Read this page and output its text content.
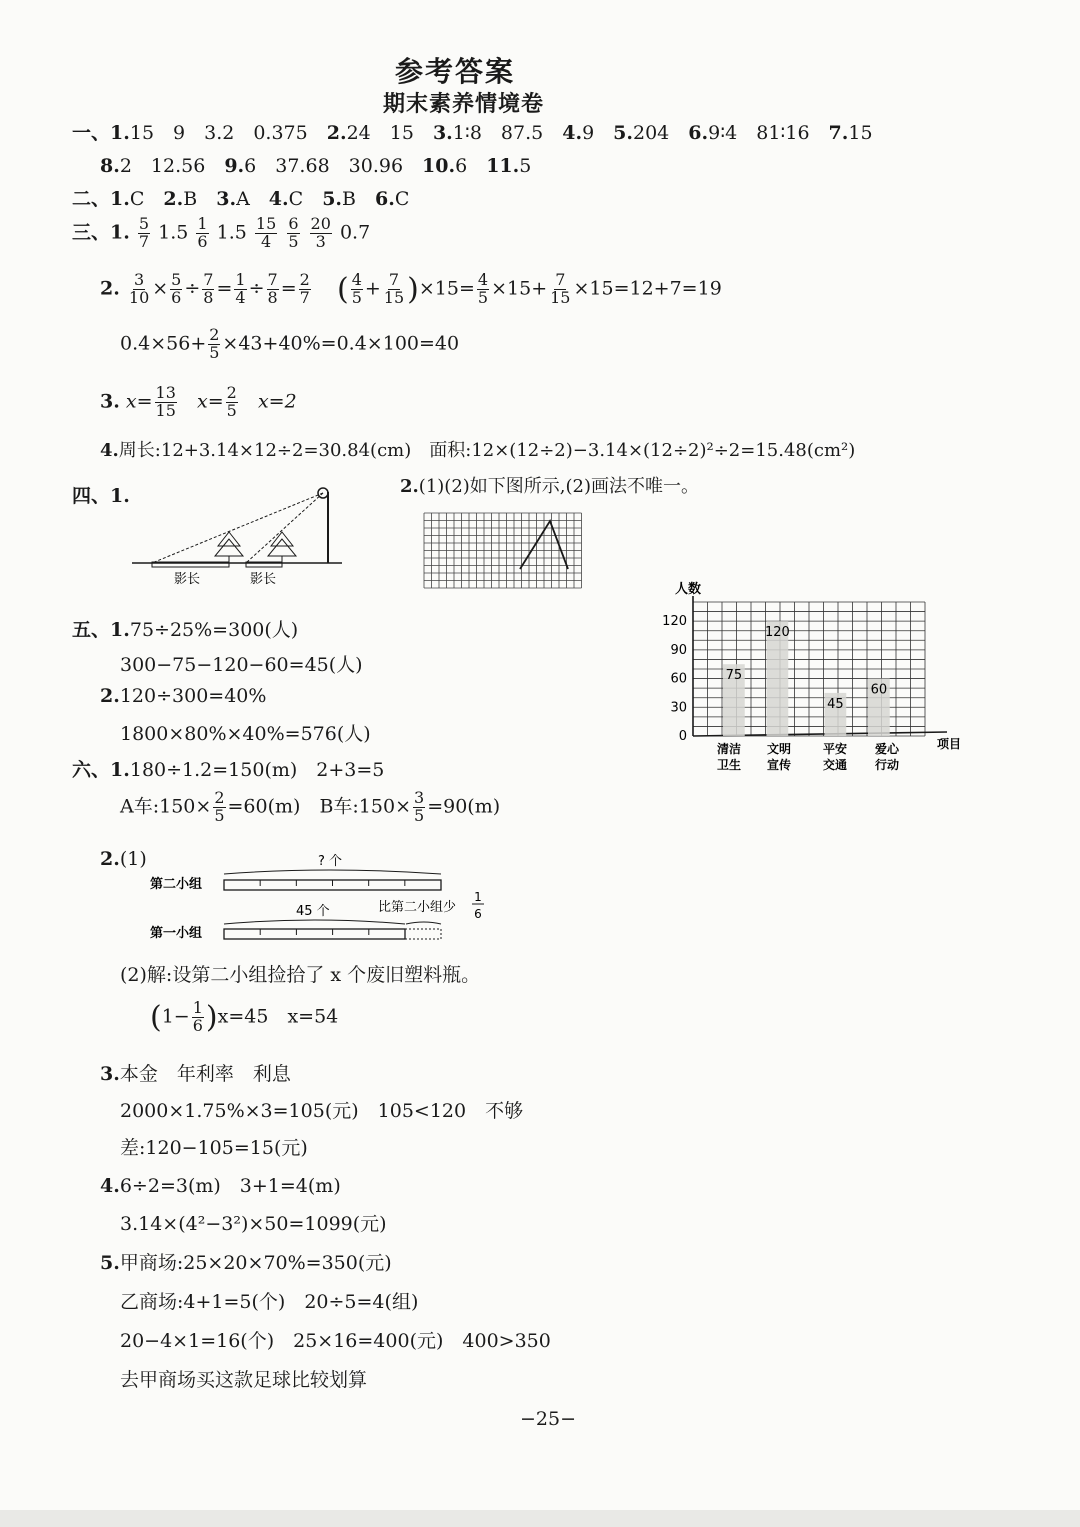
参考答案
期末素养情境卷
一、1.15　9　3.2　0.375　2.24　15　3.1∶8　87.5　4.9　5.204　6.9∶4　81∶16　7.15
8.2　12.56　9.6　37.68　30.96　10.6　11.5
二、1.C　2.B　3.A　4.C　5.B　6.C
三、1. $\frac{5}{7} 1.5 \frac{1}{6} 1.5 \frac{15}{4}$
$\frac{6}{5}$
$\frac{20}{3} 0.7$
2. $\frac{3}{10} \times \frac{5}{6} \div \frac{7}{8} = \frac{1}{4} \div \frac{7}{8} = \frac{2}{7}$ ( $\frac{4}{5} + \frac{7}{15} )\times 15= \frac{4}{5} \times 15+ \frac{7}{15} \times 15=12+7=19$
$0.4\times 56+ \frac{2}{5} \times 43+40\%=0.4\times 100=40$
3. $x= \frac{13}{15} x= \frac{2}{5} x=2$
4.周长:12+3.14×12÷2=30.84(cm)　面积:12×(12÷2)−3.14×(12÷2)²÷2=15.48(cm²)
四、1.
影长	影长
2.(1)(2)如下图所示,(2)画法不唯一。
人数
项目
0
30
60
90
120
75
120
45
60
清洁
卫生
文明
宣传
平安
交通
爱心
行动
五、1.75÷25%=300(人)
300−75−120−60=45(人)
2.120÷300=40%
1800×80%×40%=576(人)
六、1.180÷1.2=150(m)　2+3=5
A车:150× $\frac{2}{5} =60(m)$　B车:150× $\frac{3}{5} =90(m)$
2.(1)
第二小组
第一小组
? 个
45 个	比第二小组少
1
6
(2)解:设第二小组捡拾了 x 个废旧塑料瓶。
$(1- \frac{1}{6} )x=45$　x=54
3.本金　年利率　利息
2000×1.75%×3=105(元)　105<120　不够
差:120−105=15(元)
4.6÷2=3(m)　3+1=4(m)
3.14×(4²−3²)×50=1099(元)
5.甲商场:25×20×70%=350(元)
乙商场:4+1=5(个)　20÷5=4(组)
20−4×1=16(个)　25×16=400(元)　400>350
去甲商场买这款足球比较划算
−25−
